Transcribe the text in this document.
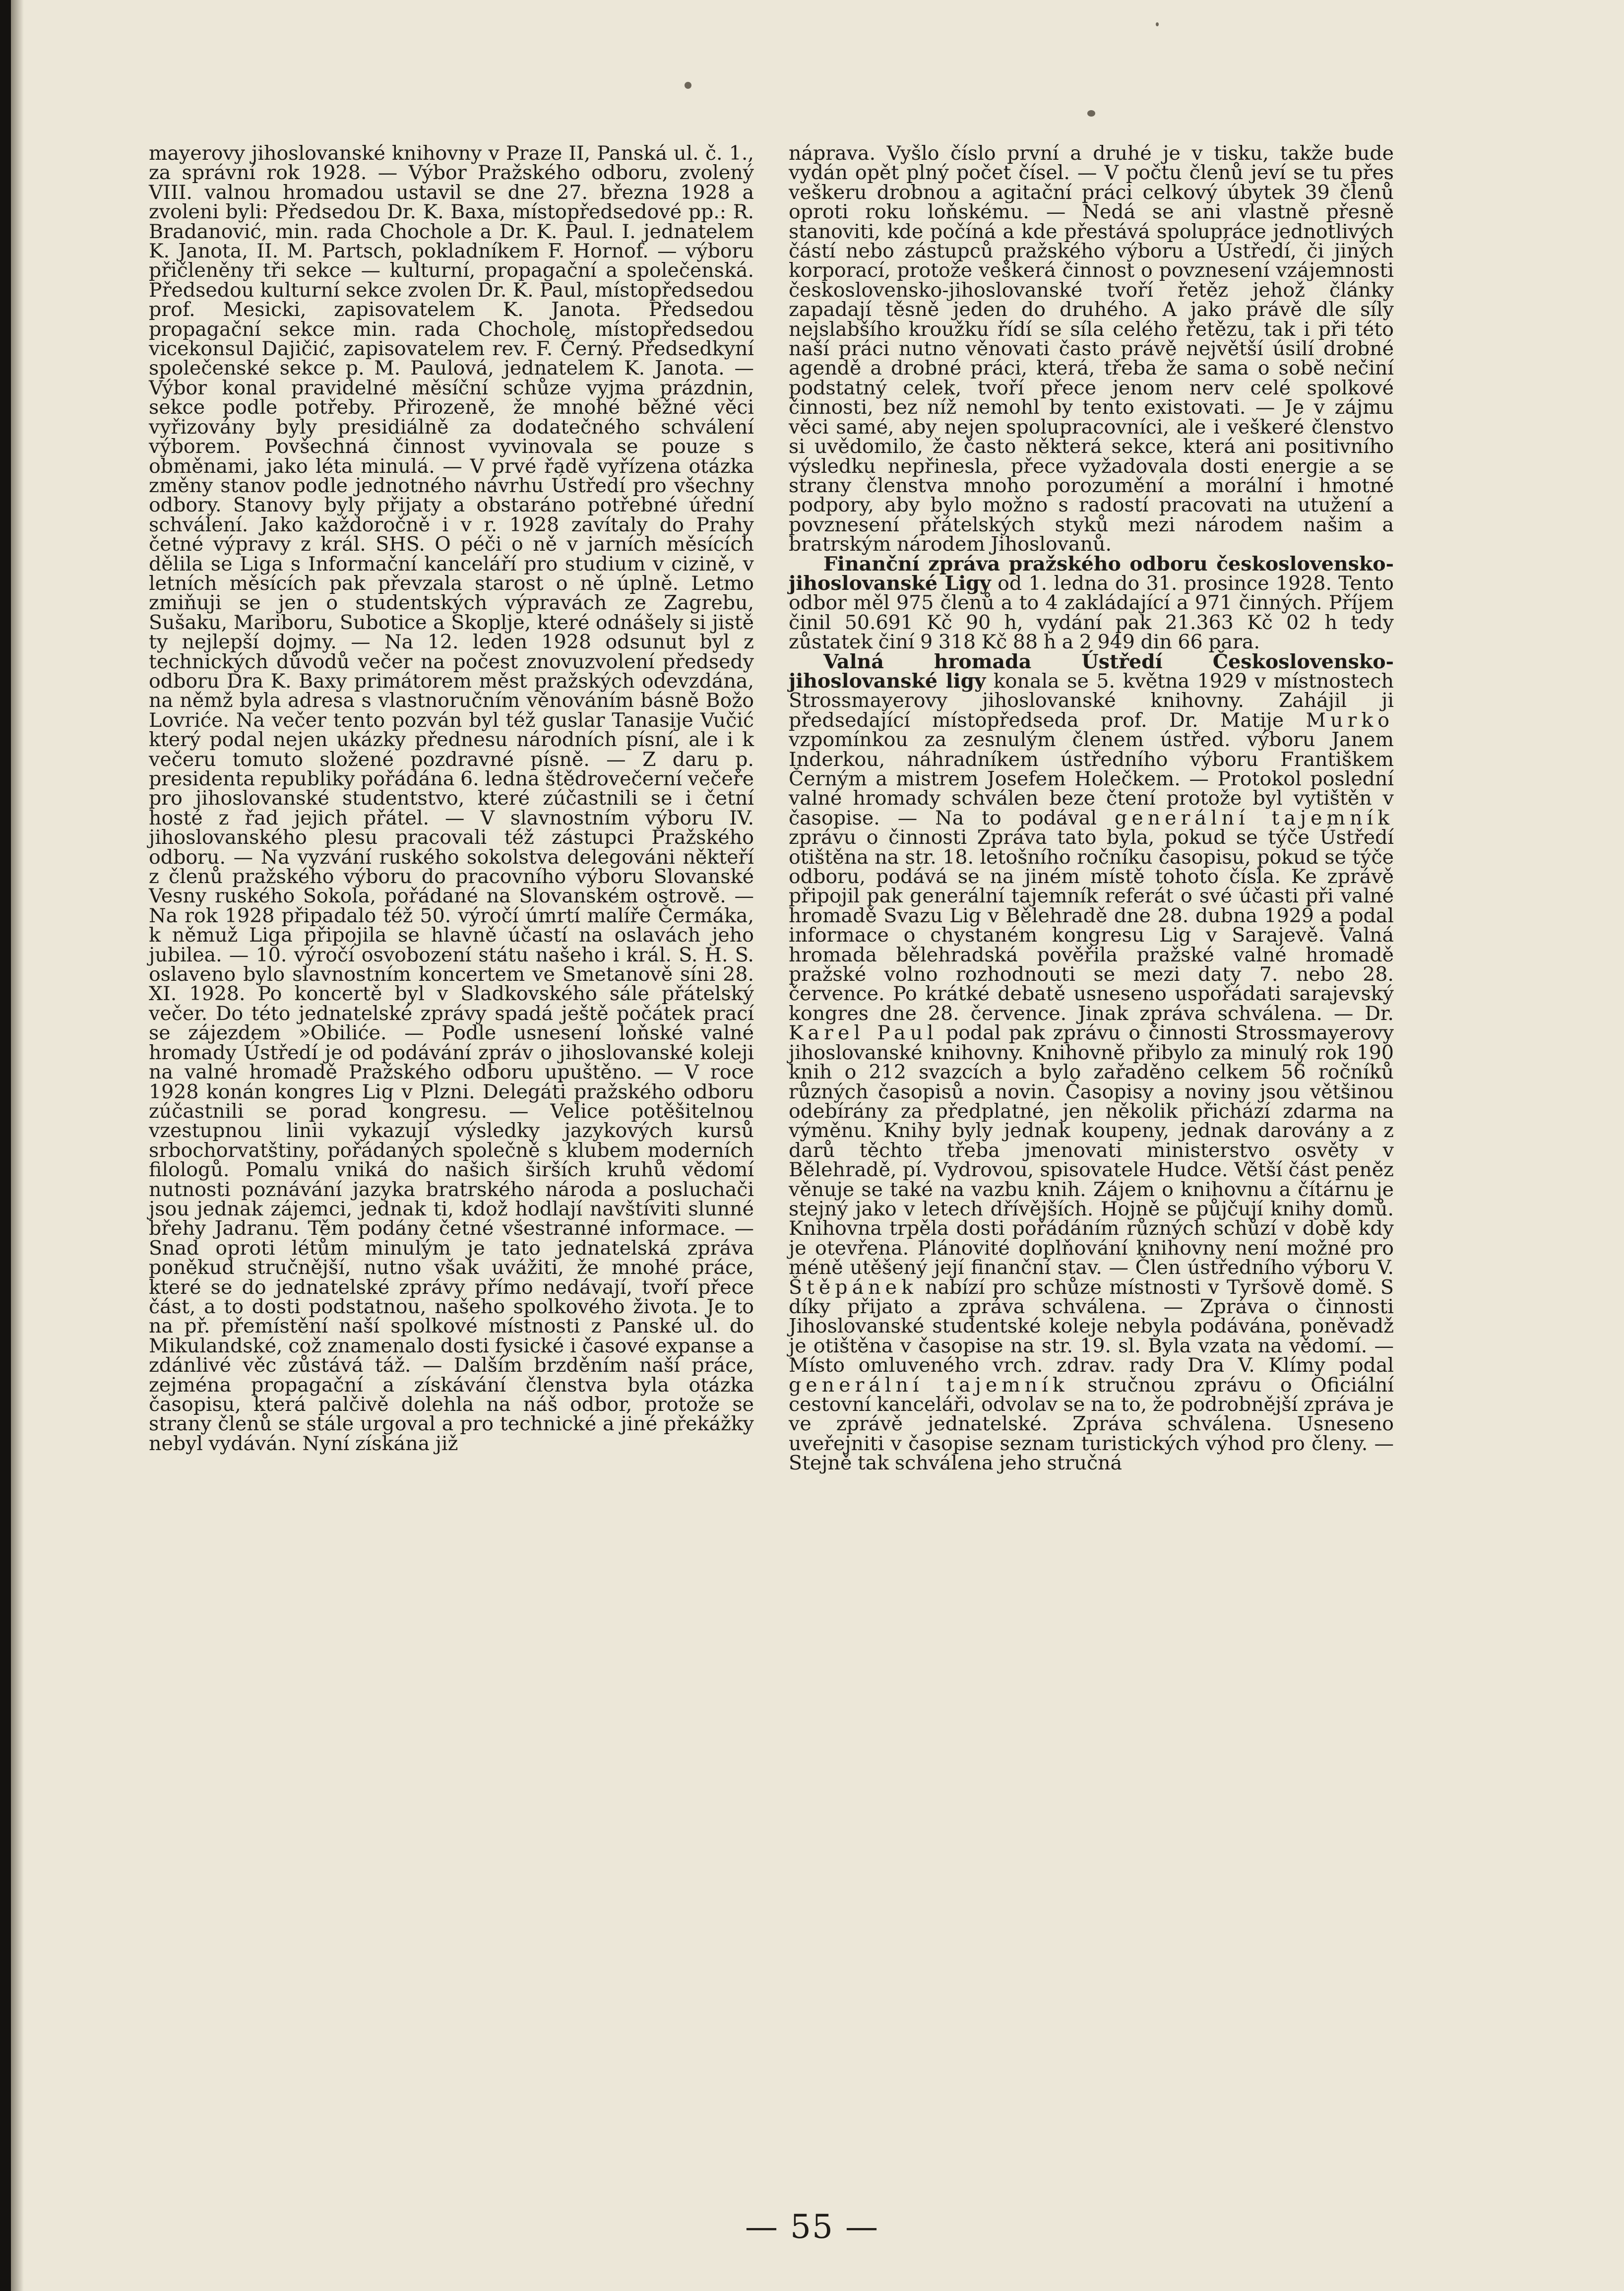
mayerovy jihoslovanské knihovny v Praze II, Panská ul. č. 1., za správní rok 1928. — Výbor Pražského odboru, zvolený VIII. valnou hromadou ustavil se dne 27. března 1928 a zvoleni byli: Předsedou Dr. K. Baxa, místopředsedové pp.: R. Bradanović, min. rada Chochole a Dr. K. Paul. I. jednatelem K. Janota, II. M. Partsch, pokladníkem F. Hornof. — výboru přičleněny tři sekce — kulturní, propagační a společenská. Předsedou kulturní sekce zvolen Dr. K. Paul, místopředsedou prof. Mesicki, zapisovatelem K. Janota. Předsedou propagační sekce min. rada Chochole, místopředsedou vicekonsul Dajičić, zapisovatelem rev. F. Černý. Předsedkyní společenské sekce p. M. Paulová, jednatelem K. Janota. — Výbor konal pravidelné měsíční schůze vyjma prázdnin, sekce podle potřeby. Přirozeně, že mnohé běžné věci vyřizovány byly presidiálně za dodatečného schválení výborem. Povšechná činnost vyvinovala se pouze s obměnami, jako léta minulá. — V prvé řadě vyřízena otázka změny stanov podle jednotného návrhu Ústředí pro všechny odbory. Stanovy byly přijaty a obstaráno potřebné úřední schválení. Jako každoročně i v r. 1928 zavítaly do Prahy četné výpravy z král. SHS. O péči o ně v jarních měsících dělila se Liga s Informační kanceláří pro studium v cizině, v letních měsících pak převzala starost o ně úplně. Letmo zmiňuji se jen o studentských výpravách ze Zagrebu, Sušaku, Mariboru, Subotice a Skoplje, které odnášely si jistě ty nejlepší dojmy. — Na 12. leden 1928 odsunut byl z technických důvodů večer na počest znovuzvolení předsedy odboru Dra K. Baxy primátorem měst pražských odevzdána, na němž byla adresa s vlastnoručním věnováním básně Božo Lovriće. Na večer tento pozván byl též guslar Tanasije Vučić který podal nejen ukázky přednesu národních písní, ale i k večeru tomuto složené pozdravné písně. — Z daru p. presidenta republiky pořádána 6. ledna štědrovečerní večeře pro jihoslovanské studentstvo, které zúčastnili se i četní hosté z řad jejich přátel. — V slavnostním výboru IV. jihoslovanského plesu pracovali též zástupci Pražského odboru. — Na vyzvání ruského sokolstva delegováni někteří z členů pražského výboru do pracovního výboru Slovanské Vesny ruského Sokola, pořádané na Slovanském ostrově. — Na rok 1928 připadalo též 50. výročí úmrtí malíře Čermáka, k němuž Liga připojila se hlavně účastí na oslavách jeho jubilea. — 10. výročí osvobození státu našeho i král. S. H. S. oslaveno bylo slavnostním koncertem ve Smetanově síni 28. XI. 1928. Po koncertě byl v Sladkovského sále přátelský večer. Do této jednatelské zprávy spadá ještě počátek prací se zájezdem »Obiliće. — Podle usnesení loňské valné hromady Ústředí je od podávání zpráv o jihoslovanské koleji na valné hromadě Pražského odboru upuštěno. — V roce 1928 konán kongres Lig v Plzni. Delegáti pražského odboru zúčastnili se porad kongresu. — Velice potěšitelnou vzestupnou linii vykazují výsledky jazykových kursů srbochorvatštiny, pořádaných společně s klubem moderních filologů. Pomalu vniká do našich širších kruhů vědomí nutnosti poznávání jazyka bratrského národa a posluchači jsou jednak zájemci, jednak ti, kdož hodlají navštíviti slunné břehy Jadranu. Těm podány četné všestranné informace. — Snad oproti létům minulým je tato jednatelská zpráva poněkud stručnější, nutno však uvážiti, že mnohé práce, které se do jednatelské zprávy přímo nedávají, tvoří přece část, a to dosti podstatnou, našeho spolkového života. Je to na př. přemístění naší spolkové místnosti z Panské ul. do Mikulandské, což znamenalo dosti fysické i časové expanse a zdánlivé věc zůstává táž. — Dalším brzděním naší práce, zejména propagační a získávání členstva byla otázka časopisu, která palčivě dolehla na náš odbor, protože se strany členů se stále urgoval a pro technické a jiné překážky nebyl vydáván. Nyní získána již

náprava. Vyšlo číslo první a druhé je v tisku, takže bude vydán opět plný počet čísel. — V počtu členů jeví se tu přes veškeru drobnou a agitační práci celkový úbytek 39 členů oproti roku loňskému. — Nedá se ani vlastně přesně stanoviti, kde počíná a kde přestává spolupráce jednotlivých částí nebo zástupců pražského výboru a Ústředí, či jiných korporací, protože veškerá činnost o povznesení vzájemnosti československo-jihoslovanské tvoří řetěz jehož články zapadají těsně jeden do druhého. A jako právě dle síly nejslabšího kroužku řídí se síla celého řetězu, tak i při této naší práci nutno věnovati často právě největší úsilí drobné agendě a drobné práci, která, třeba že sama o sobě nečiní podstatný celek, tvoří přece jenom nerv celé spolkové činnosti, bez níž nemohl by tento existovati. — Je v zájmu věci samé, aby nejen spolupracovníci, ale i veškeré členstvo si uvědomilo, že často některá sekce, která ani positivního výsledku nepřinesla, přece vyžadovala dosti energie a se strany členstva mnoho porozumění a morální i hmotné podpory, aby bylo možno s radostí pracovati na utužení a povznesení přátelských styků mezi národem našim a bratrským národem Jihoslovanů.

Finanční zpráva pražského odboru československo-jihoslovanské Ligy od 1. ledna do 31. prosince 1928. Tento odbor měl 975 členů a to 4 zakládající a 971 činných. Příjem činil 50.691 Kč 90 h, vydání pak 21.363 Kč 02 h tedy zůstatek činí 9 318 Kč 88 h a 2 949 din 66 para.

Valná hromada Ústředí Československo-jihoslovanské ligy konala se 5. května 1929 v místnostech Strossmayerovy jihoslovanské knihovny. Zahájil ji předsedající místopředseda prof. Dr. Matije Murko vzpomínkou za zesnulým členem ústřed. výboru Janem Inderkou, náhradníkem ústředního výboru Františkem Černým a mistrem Josefem Holečkem. — Protokol poslední valné hromady schválen beze čtení protože byl vytištěn v časopise. — Na to podával generální tajemník zprávu o činnosti Zpráva tato byla, pokud se týče Ústředí otištěna na str. 18. letošního ročníku časopisu, pokud se týče odboru, podává se na jiném místě tohoto čísla. Ke zprávě připojil pak generální tajemník referát o své účasti při valné hromadě Svazu Lig v Bělehradě dne 28. dubna 1929 a podal informace o chystaném kongresu Lig v Sarajevě. Valná hromada bělehradská pověřila pražské valné hromadě pražské volno rozhodnouti se mezi daty 7. nebo 28. července. Po krátké debatě usneseno uspořádati sarajevský kongres dne 28. července. Jinak zpráva schválena. — Dr. Karel Paul podal pak zprávu o činnosti Strossmayerovy jihoslovanské knihovny. Knihovně přibylo za minulý rok 190 knih o 212 svazcích a bylo zařaděno celkem 56 ročníků různých časopisů a novin. Časopisy a noviny jsou většinou odebírány za předplatné, jen několik přichází zdarma na výměnu. Knihy byly jednak koupeny, jednak darovány a z darů těchto třeba jmenovati ministerstvo osvěty v Bělehradě, pí. Vydrovou, spisovatele Hudce. Větší část peněz věnuje se také na vazbu knih. Zájem o knihovnu a čítárnu je stejný jako v letech dřívějších. Hojně se půjčují knihy domů. Knihovna trpěla dosti pořádáním různých schůzí v době kdy je otevřena. Plánovité doplňování knihovny není možné pro méně utěšený její finanční stav. — Člen ústředního výboru V. Štěpánek nabízí pro schůze místnosti v Tyršově domě. S díky přijato a zpráva schválena. — Zpráva o činnosti Jihoslovanské studentské koleje nebyla podávána, poněvadž je otištěna v časopise na str. 19. sl. Byla vzata na vědomí. — Místo omluveného vrch. zdrav. rady Dra V. Klímy podal generální tajemník stručnou zprávu o Oficiální cestovní kanceláři, odvolav se na to, že podrobnější zpráva je ve zprávě jednatelské. Zpráva schválena. Usneseno uveřejniti v časopise seznam turistických výhod pro členy. — Stejně tak schválena jeho stručná

— 55 —
